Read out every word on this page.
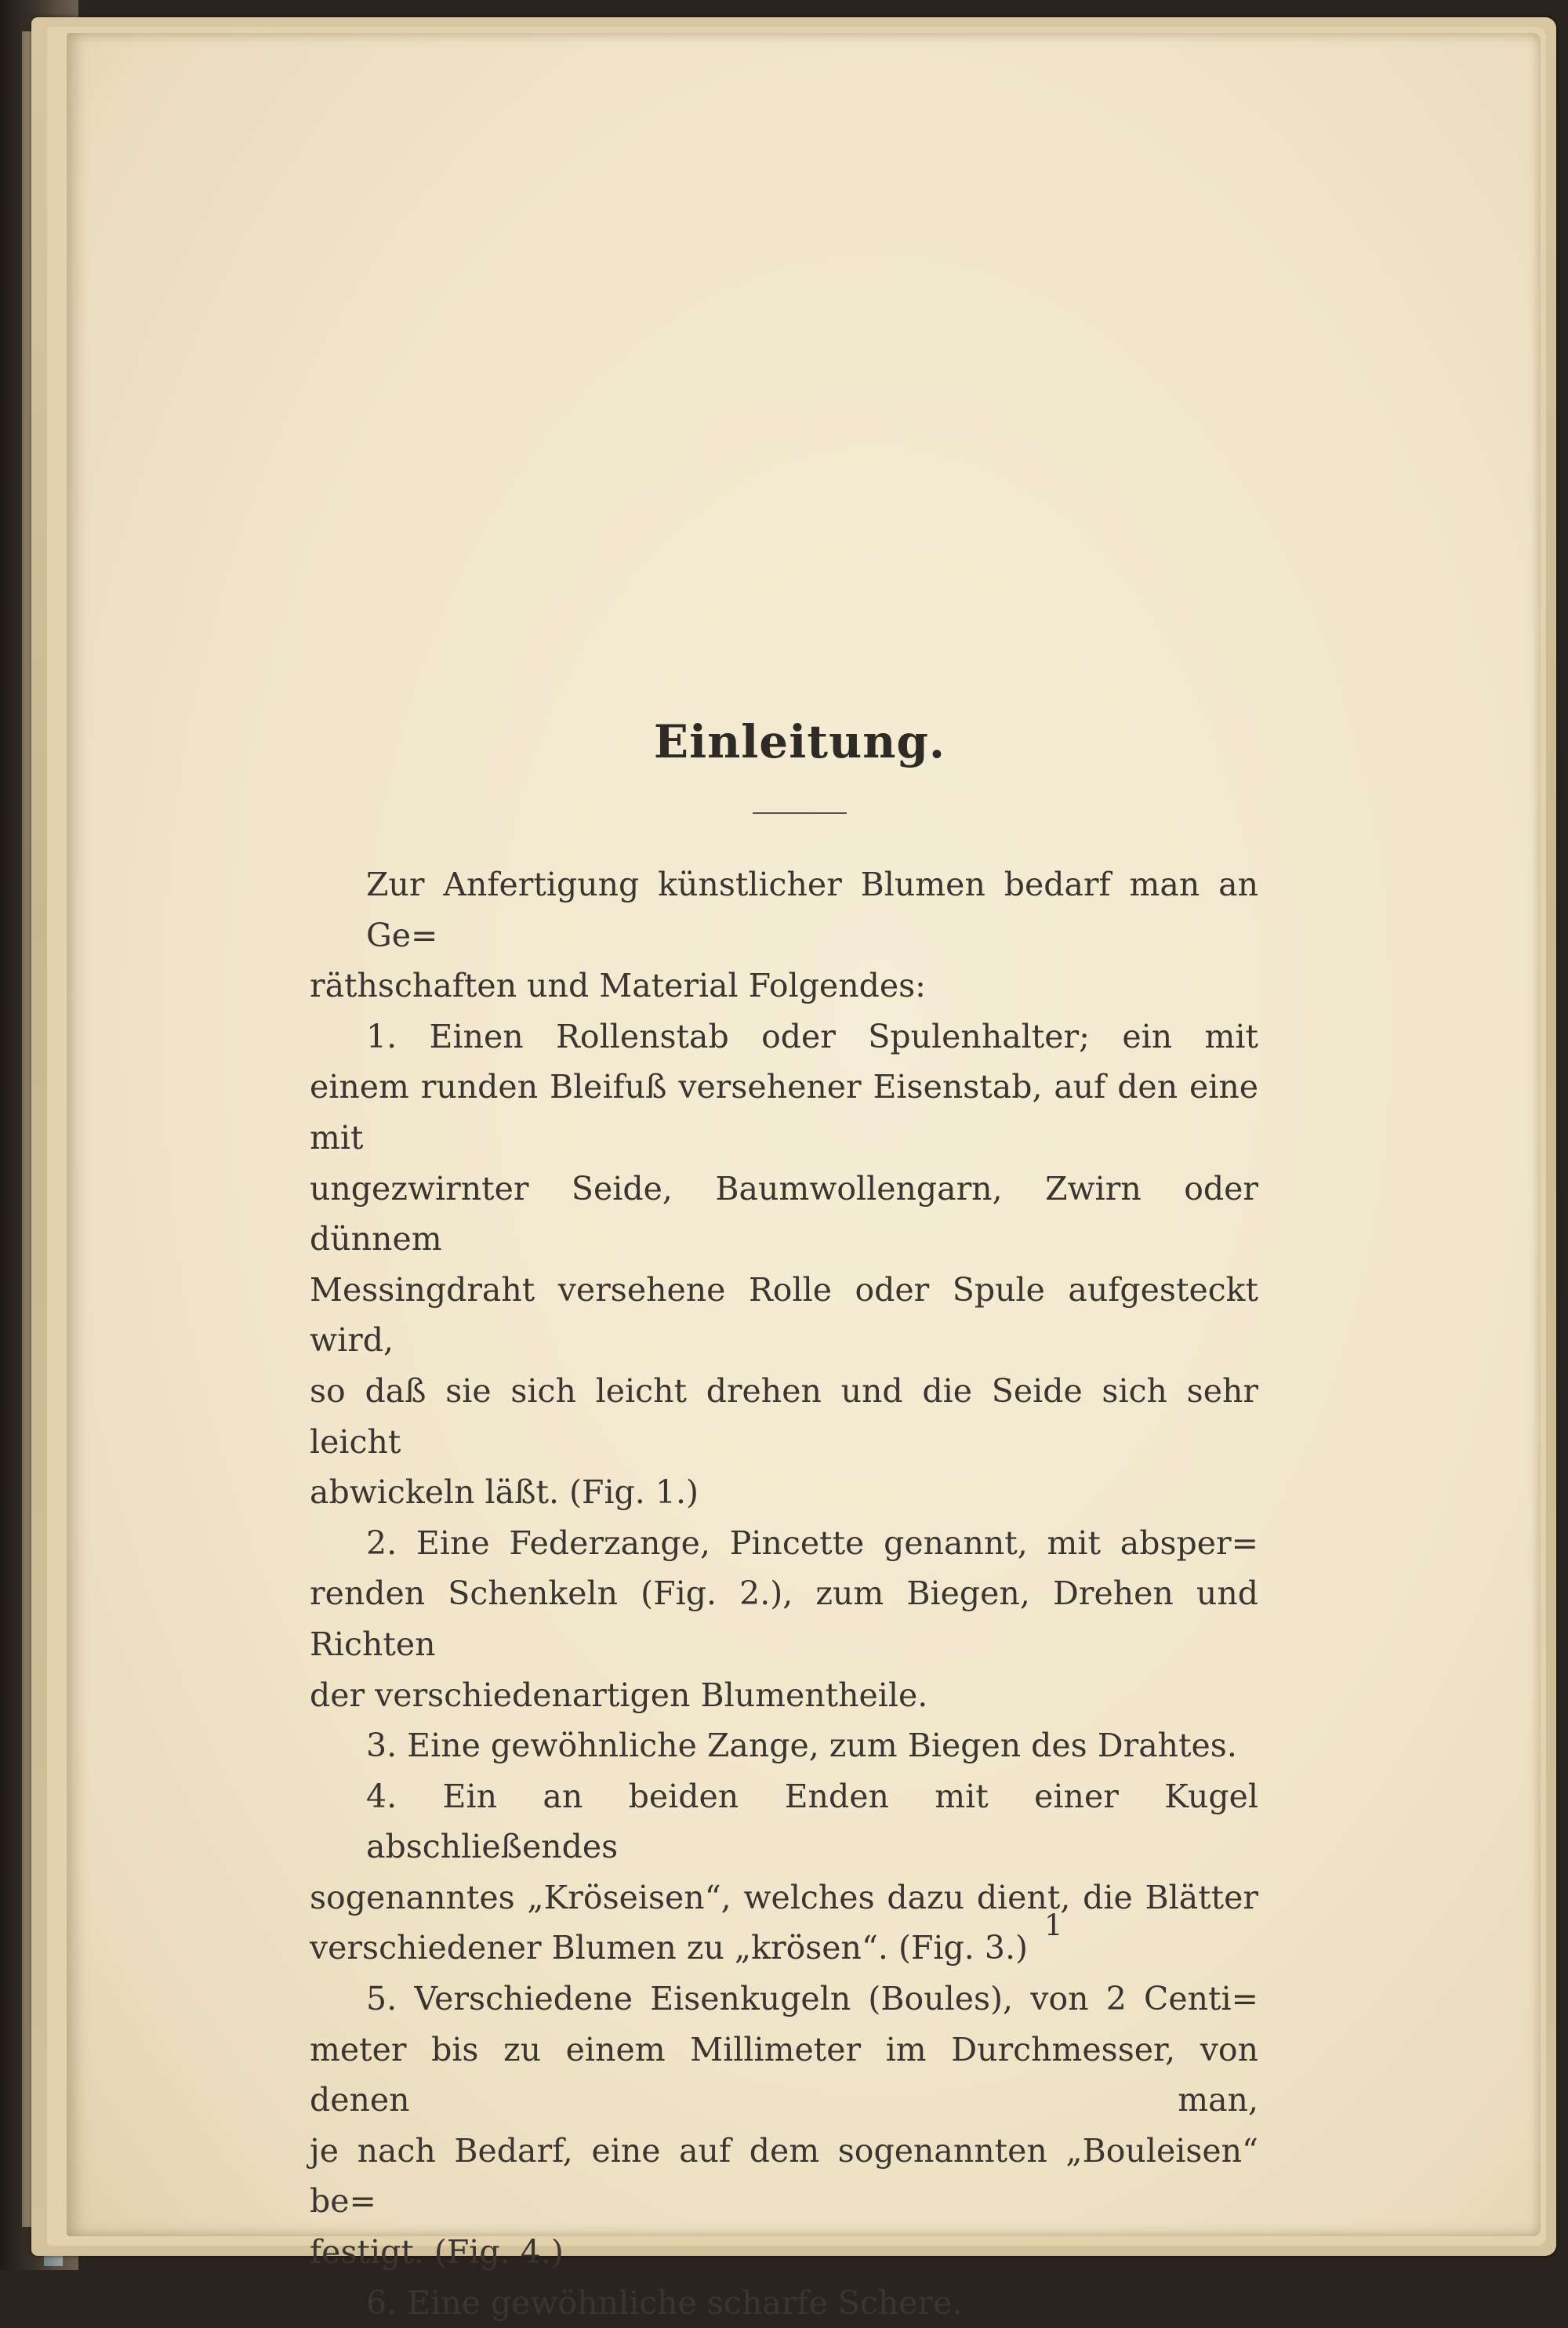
Einleitung.

Zur Anfertigung künstlicher Blumen bedarf man an Ge=
räthschaften und Material Folgendes:

1. Einen Rollenstab oder Spulenhalter; ein mit
einem runden Bleifuß versehener Eisenstab, auf den eine mit
ungezwirnter Seide, Baumwollengarn, Zwirn oder dünnem
Messingdraht versehene Rolle oder Spule aufgesteckt wird,
so daß sie sich leicht drehen und die Seide sich sehr leicht
abwickeln läßt. (Fig. 1.)

2. Eine Federzange, Pincette genannt, mit absper=
renden Schenkeln (Fig. 2.), zum Biegen, Drehen und Richten
der verschiedenartigen Blumentheile.

3. Eine gewöhnliche Zange, zum Biegen des Drahtes.

4. Ein an beiden Enden mit einer Kugel abschließendes
sogenanntes „Kröseisen“, welches dazu dient, die Blätter
verschiedener Blumen zu „krösen“. (Fig. 3.)

5. Verschiedene Eisenkugeln (Boules), von 2 Centi=
meter bis zu einem Millimeter im Durchmesser, von denen man,
je nach Bedarf, eine auf dem sogenannten „Bouleisen“ be=
festigt. (Fig. 4.)

6. Eine gewöhnliche scharfe Schere.

1
